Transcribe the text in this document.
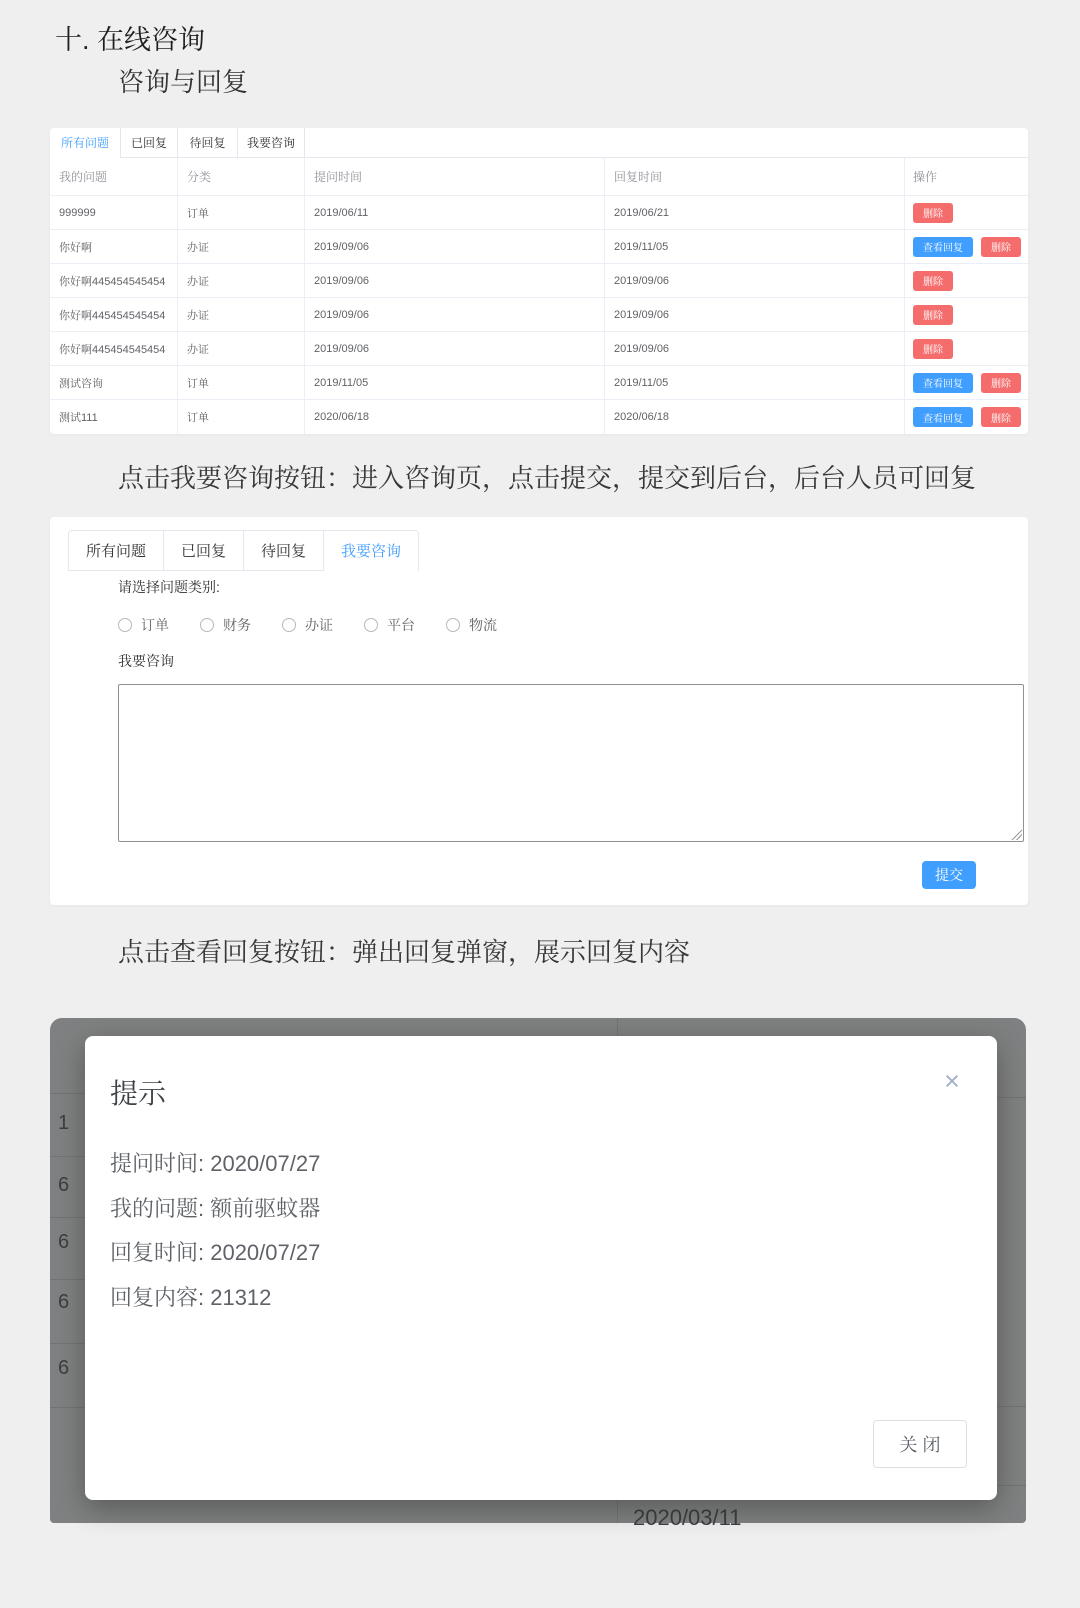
十. 在线咨询
咨询与回复
所有问题	已回复	待回复	我要咨询
我的问题	分类	提问时间	回复时间	操作
999999	订单	2019/06/11	2019/06/21	删除
你好啊	办证	2019/09/06	2019/11/05	查看回复	删除
你好啊445454545454	办证	2019/09/06	2019/09/06	删除
你好啊445454545454	办证	2019/09/06	2019/09/06	删除
你好啊445454545454	办证	2019/09/06	2019/09/06	删除
测试咨询	订单	2019/11/05	2019/11/05	查看回复	删除
测试111	订单	2020/06/18	2020/06/18	查看回复	删除
点击我要咨询按钮：进入咨询页，点击提交，提交到后台，后台人员可回复
所有问题	已回复	待回复	我要咨询
请选择问题类别:
订单	财务	办证	平台	物流
我要咨询
提交
点击查看回复按钮：弹出回复弹窗，展示回复内容
1
6
6
6
6
2020/03/11
提示	×
提问时间: 2020/07/27
我的问题: 额前驱蚊器
回复时间: 2020/07/27
回复内容: 21312
关 闭
